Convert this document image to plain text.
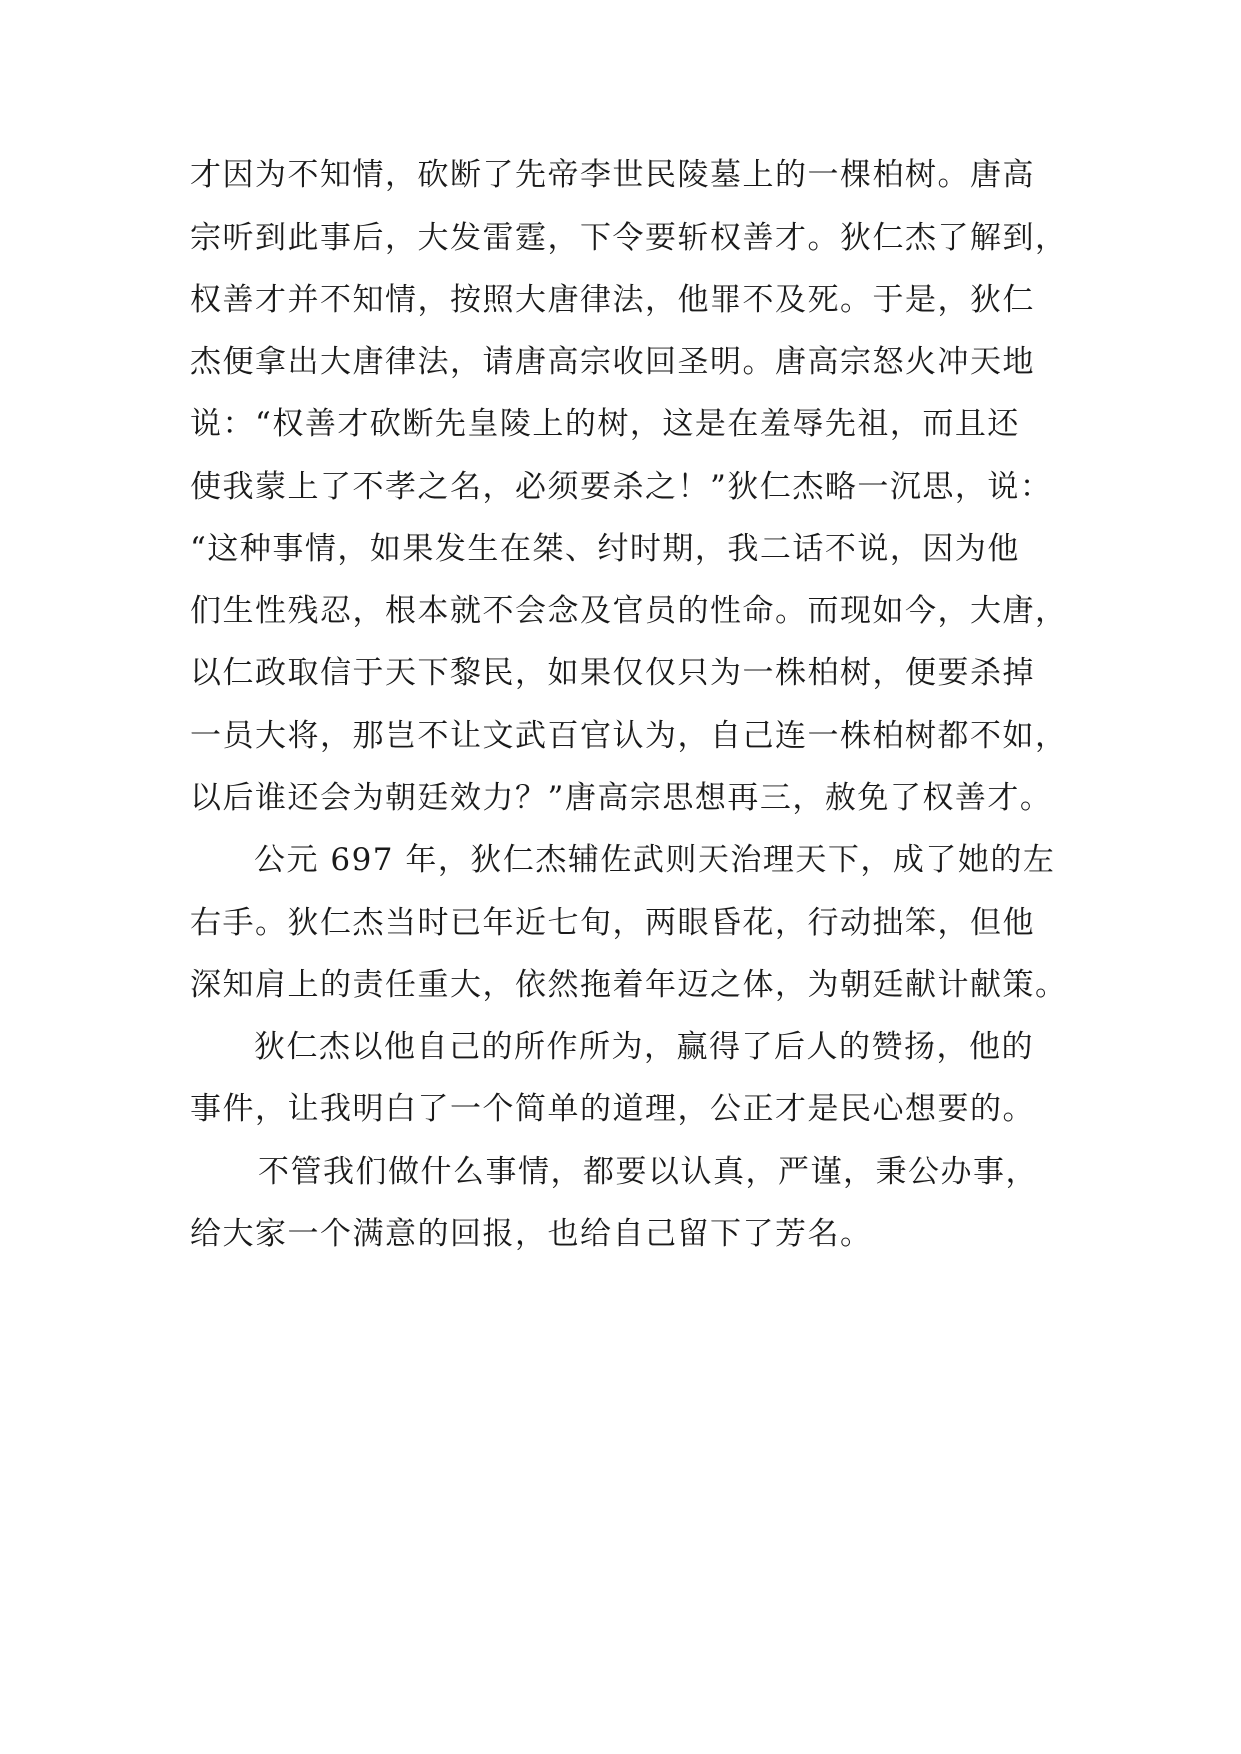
才因为不知情，砍断了先帝李世民陵墓上的一棵柏树。唐高
宗听到此事后，大发雷霆，下令要斩权善才。狄仁杰了解到，
权善才并不知情，按照大唐律法，他罪不及死。于是，狄仁
杰便拿出大唐律法，请唐高宗收回圣明。唐高宗怒火冲天地
说：“权善才砍断先皇陵上的树，这是在羞辱先祖，而且还
使我蒙上了不孝之名，必须要杀之！”狄仁杰略一沉思，说：
“这种事情，如果发生在桀、纣时期，我二话不说，因为他
们生性残忍，根本就不会念及官员的性命。而现如今，大唐，
以仁政取信于天下黎民，如果仅仅只为一株柏树，便要杀掉
一员大将，那岂不让文武百官认为，自己连一株柏树都不如，
以后谁还会为朝廷效力？”唐高宗思想再三，赦免了权善才。
公元 697 年，狄仁杰辅佐武则天治理天下，成了她的左
右手。狄仁杰当时已年近七旬，两眼昏花，行动拙笨，但他
深知肩上的责任重大，依然拖着年迈之体，为朝廷献计献策。
狄仁杰以他自己的所作所为，赢得了后人的赞扬，他的
事件，让我明白了一个简单的道理，公正才是民心想要的。
不管我们做什么事情，都要以认真，严谨，秉公办事，
给大家一个满意的回报，也给自己留下了芳名。
